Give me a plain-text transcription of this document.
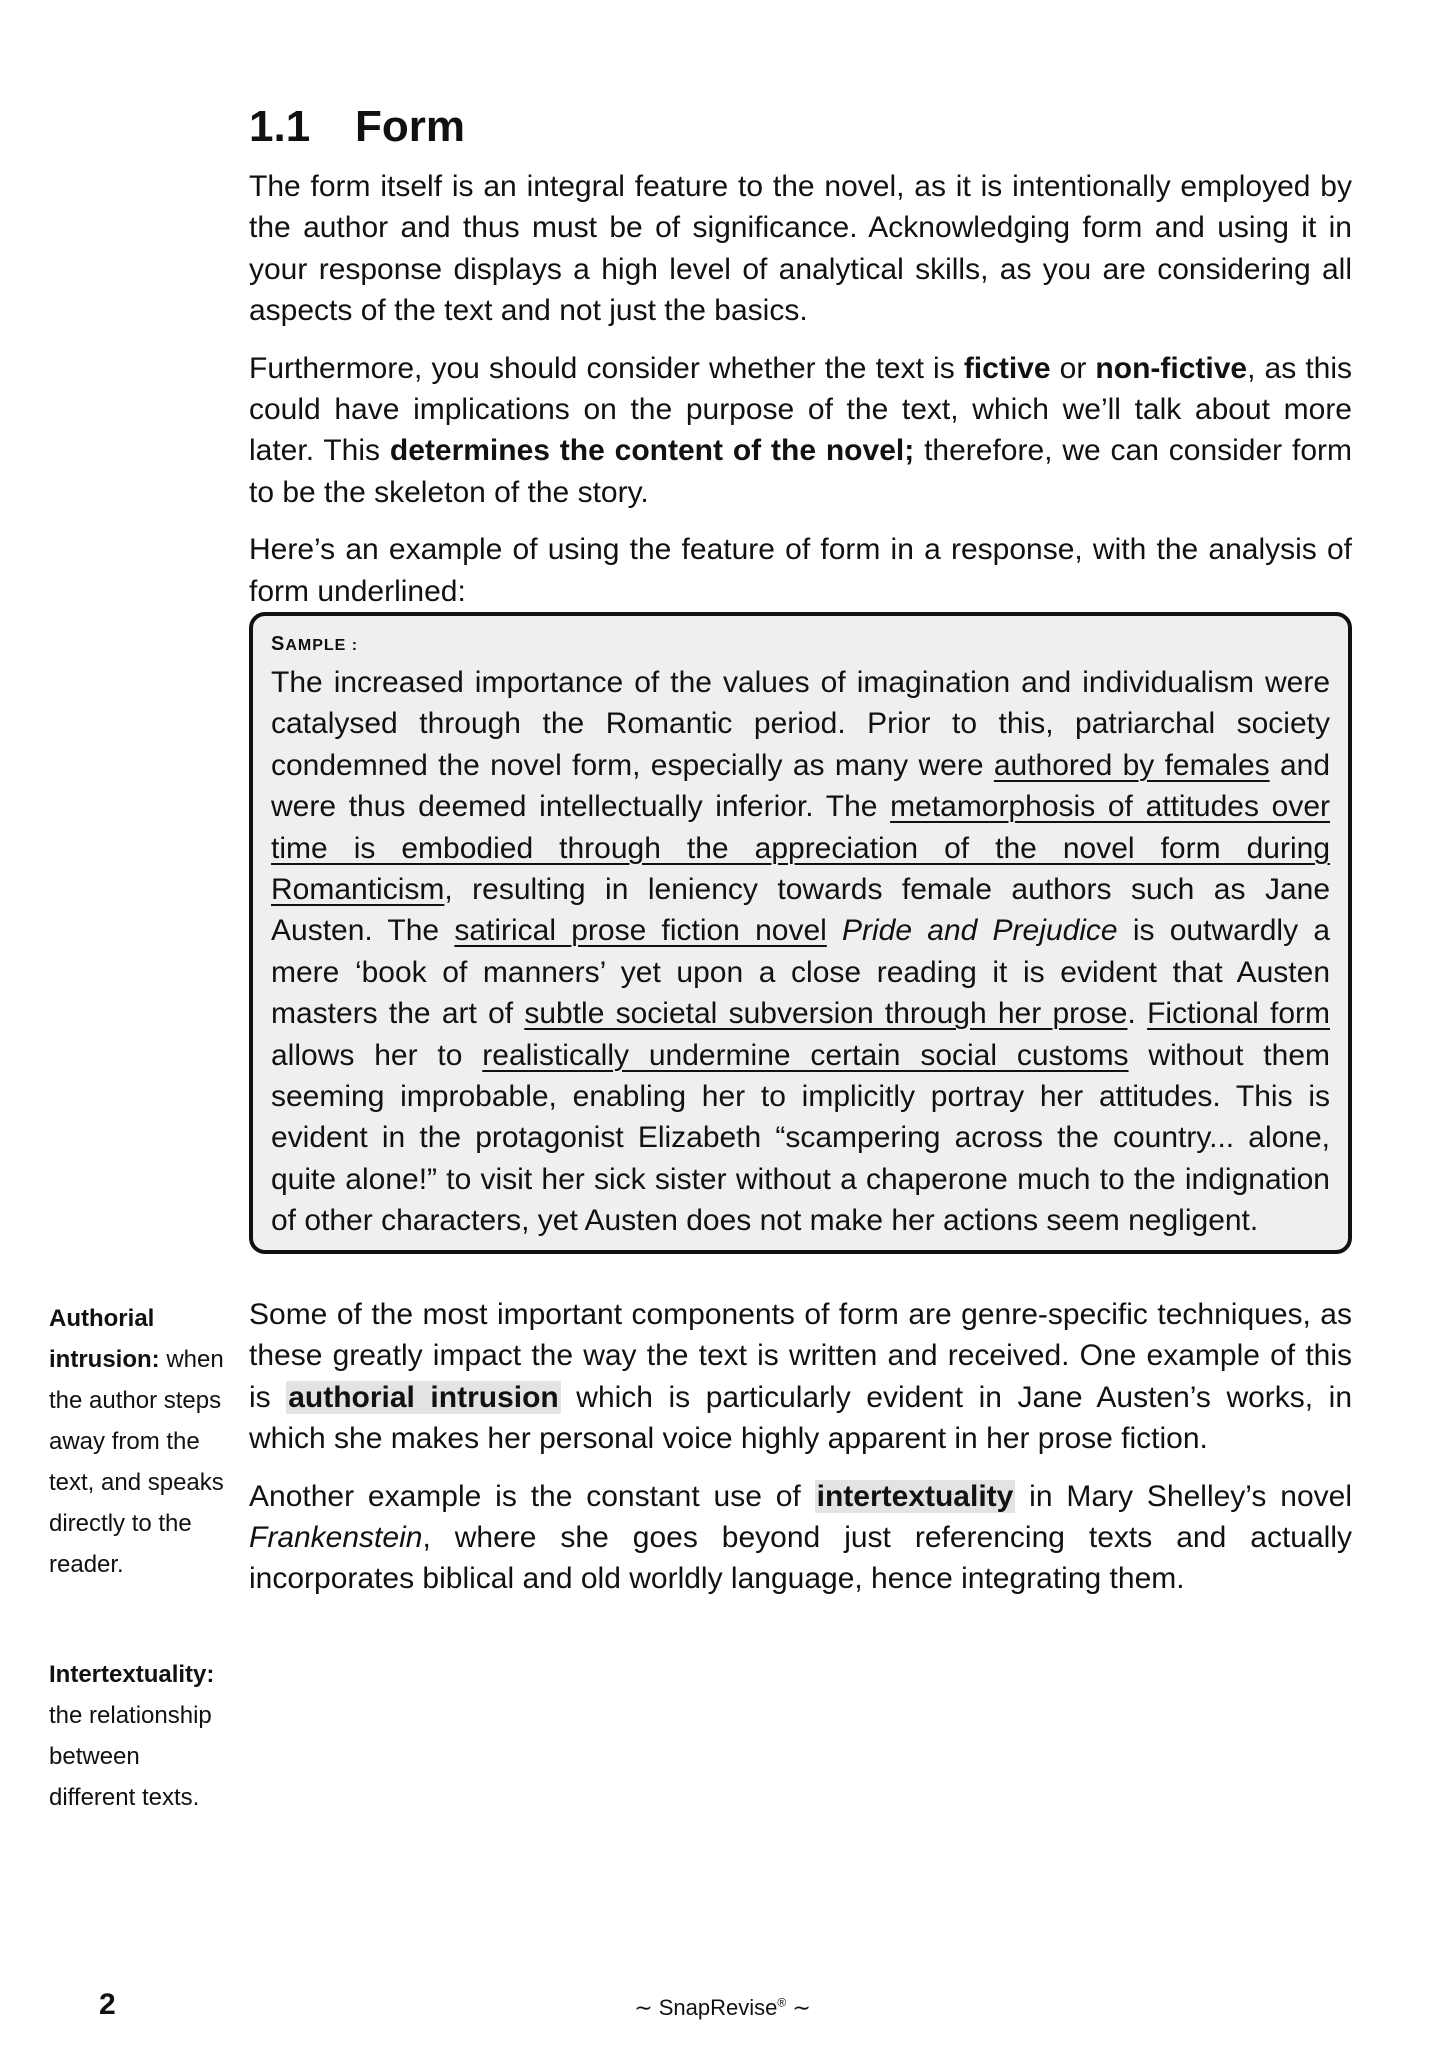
1.1 Form

The form itself is an integral feature to the novel, as it is intentionally employed by the author and thus must be of significance. Acknowledging form and using it in your response displays a high level of analytical skills, as you are considering all aspects of the text and not just the basics.

Furthermore, you should consider whether the text is fictive or non-fictive, as this could have implications on the purpose of the text, which we’ll talk about more later. This determines the content of the novel; therefore, we can consider form to be the skeleton of the story.

Here’s an example of using the feature of form in a response, with the analysis of form underlined:

SAMPLE :

The increased importance of the values of imagination and individualism were catalysed through the Romantic period. Prior to this, patriarchal society condemned the novel form, especially as many were authored by females and were thus deemed intellectually inferior. The metamorphosis of attitudes over time is embodied through the appreciation of the novel form during Romanticism, resulting in leniency towards female authors such as Jane Austen. The satirical prose fiction novel Pride and Prejudice is outwardly a mere ‘book of manners’ yet upon a close reading it is evident that Austen masters the art of subtle societal subversion through her prose. Fictional form allows her to realistically undermine certain social customs without them seeming improbable, enabling her to implicitly portray her attitudes. This is evident in the protagonist Elizabeth “scampering across the country... alone, quite alone!” to visit her sick sister without a chaperone much to the indignation of other characters, yet Austen does not make her actions seem negligent.

Some of the most important components of form are genre-specific techniques, as these greatly impact the way the text is written and received. One example of this is authorial intrusion which is particularly evident in Jane Austen’s works, in which she makes her personal voice highly apparent in her prose fiction.

Another example is the constant use of intertextuality in Mary Shelley’s novel Frankenstein, where she goes beyond just referencing texts and actually incorporates biblical and old worldly language, hence integrating them.

Authorial intrusion: when the author steps away from the text, and speaks directly to the reader.
Intertextuality: the relationship between different texts.
2	∼ SnapRevise® ∼
